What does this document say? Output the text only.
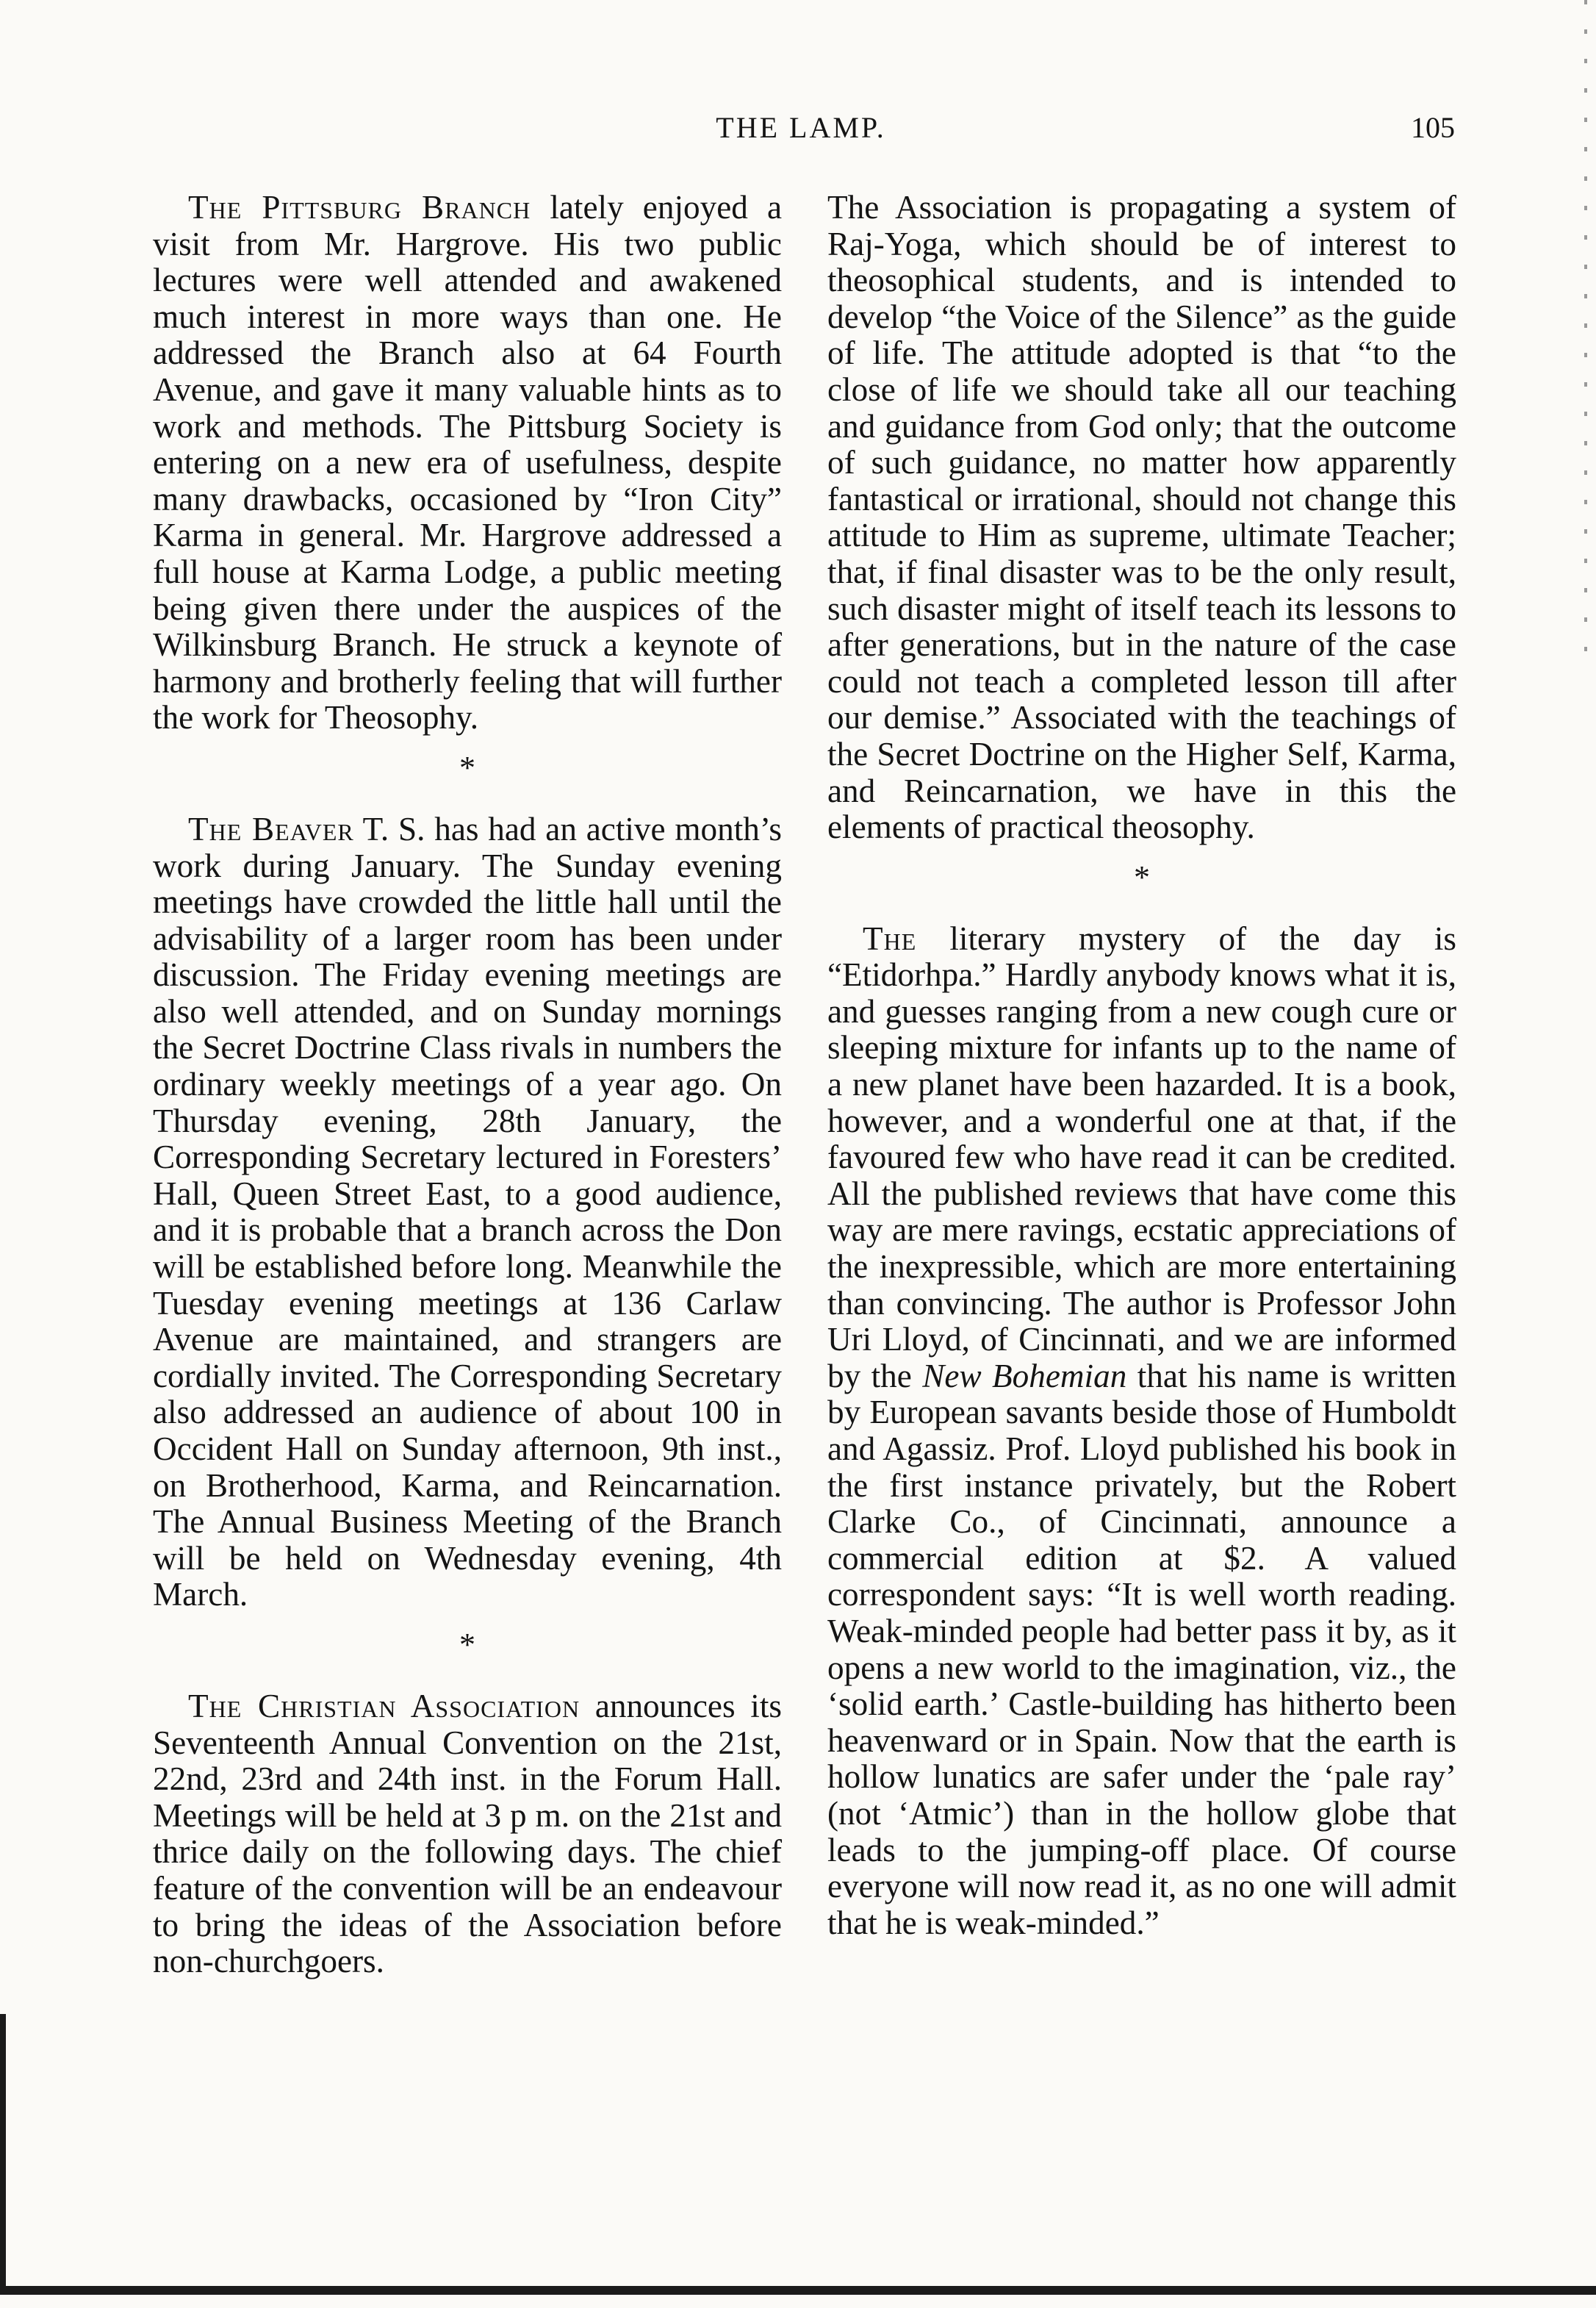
THE LAMP.	105

The Pittsburg Branch lately enjoyed a visit from Mr. Hargrove. His two public lectures were well attended and awakened much interest in more ways than one. He addressed the Branch also at 64 Fourth Avenue, and gave it many valuable hints as to work and methods. The Pittsburg Society is entering on a new era of usefulness, despite many drawbacks, occasioned by “Iron City” Karma in general. Mr. Hargrove addressed a full house at Karma Lodge, a public meeting being given there under the auspices of the Wilkinsburg Branch. He struck a keynote of harmony and brotherly feeling that will further the work for Theosophy.

*

The Beaver T. S. has had an active month’s work during January. The Sunday evening meetings have crowded the little hall until the advisability of a larger room has been under discussion. The Friday evening meetings are also well attended, and on Sunday mornings the Secret Doctrine Class rivals in numbers the ordinary weekly meetings of a year ago. On Thursday evening, 28th January, the Corresponding Secretary lectured in Foresters’ Hall, Queen Street East, to a good audience, and it is probable that a branch across the Don will be established before long. Meanwhile the Tuesday evening meetings at 136 Carlaw Avenue are maintained, and strangers are cordially invited. The Corresponding Secretary also addressed an audience of about 100 in Occident Hall on Sunday afternoon, 9th inst., on Brotherhood, Karma, and Reincarnation. The Annual Business Meeting of the Branch will be held on Wednesday evening, 4th March.

*

The Christian Association announces its Seventeenth Annual Convention on the 21st, 22nd, 23rd and 24th inst. in the Forum Hall. Meetings will be held at 3 p m. on the 21st and thrice daily on the following days. The chief feature of the convention will be an endeavour to bring the ideas of the Association before non-churchgoers.

The Association is propagating a system of Raj-Yoga, which should be of interest to theosophical students, and is intended to develop “the Voice of the Silence” as the guide of life. The attitude adopted is that “to the close of life we should take all our teaching and guidance from God only; that the outcome of such guidance, no matter how apparently fantastical or irrational, should not change this attitude to Him as supreme, ultimate Teacher; that, if final disaster was to be the only result, such disaster might of itself teach its lessons to after generations, but in the nature of the case could not teach a completed lesson till after our demise.” Associated with the teachings of the Secret Doctrine on the Higher Self, Karma, and Reincarnation, we have in this the elements of practical theosophy.

*

The literary mystery of the day is “Etidorhpa.” Hardly anybody knows what it is, and guesses ranging from a new cough cure or sleeping mixture for infants up to the name of a new planet have been hazarded. It is a book, however, and a wonderful one at that, if the favoured few who have read it can be credited. All the published reviews that have come this way are mere ravings, ecstatic appreciations of the inexpressible, which are more entertaining than convincing. The author is Professor John Uri Lloyd, of Cincinnati, and we are informed by the New Bohemian that his name is written by European savants beside those of Humboldt and Agassiz. Prof. Lloyd published his book in the first instance privately, but the Robert Clarke Co., of Cincinnati, announce a commercial edition at $2. A valued correspondent says: “It is well worth reading. Weak-minded people had better pass it by, as it opens a new world to the imagination, viz., the ‘solid earth.’ Castle-building has hitherto been heavenward or in Spain. Now that the earth is hollow lunatics are safer under the ‘pale ray’ (not ‘Atmic’) than in the hollow globe that leads to the jumping-off place. Of course everyone will now read it, as no one will admit that he is weak-minded.”
